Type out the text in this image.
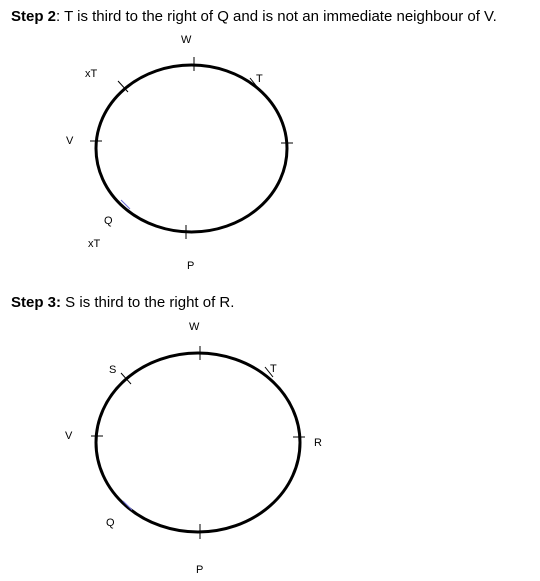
Step 2: T is third to the right of Q and is not an immediate neighbour of V.
W
T
xT
V
Q
xT
P
Step 3: S is third to the right of R.
W
T
S
V
R
Q
P
